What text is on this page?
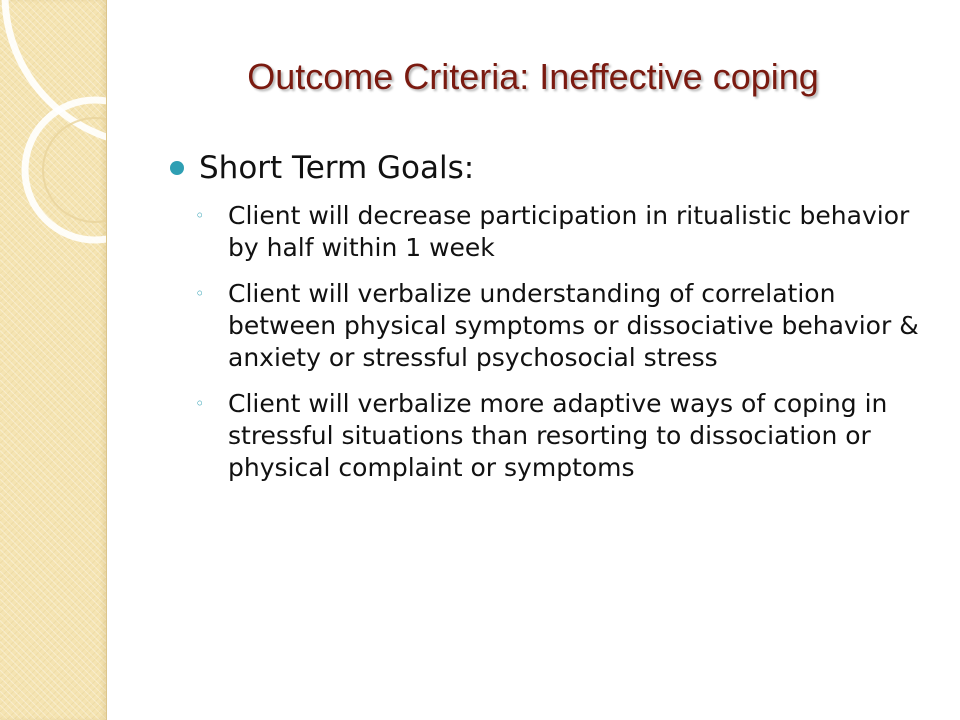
Outcome Criteria: Ineffective coping
Short Term Goals:
◦ Client will decrease participation in ritualistic behavior by half within 1 week
◦ Client will verbalize understanding of correlation between physical symptoms or dissociative behavior & anxiety or stressful psychosocial stress
◦ Client will verbalize more adaptive ways of coping in stressful situations than resorting to dissociation or physical complaint or symptoms
